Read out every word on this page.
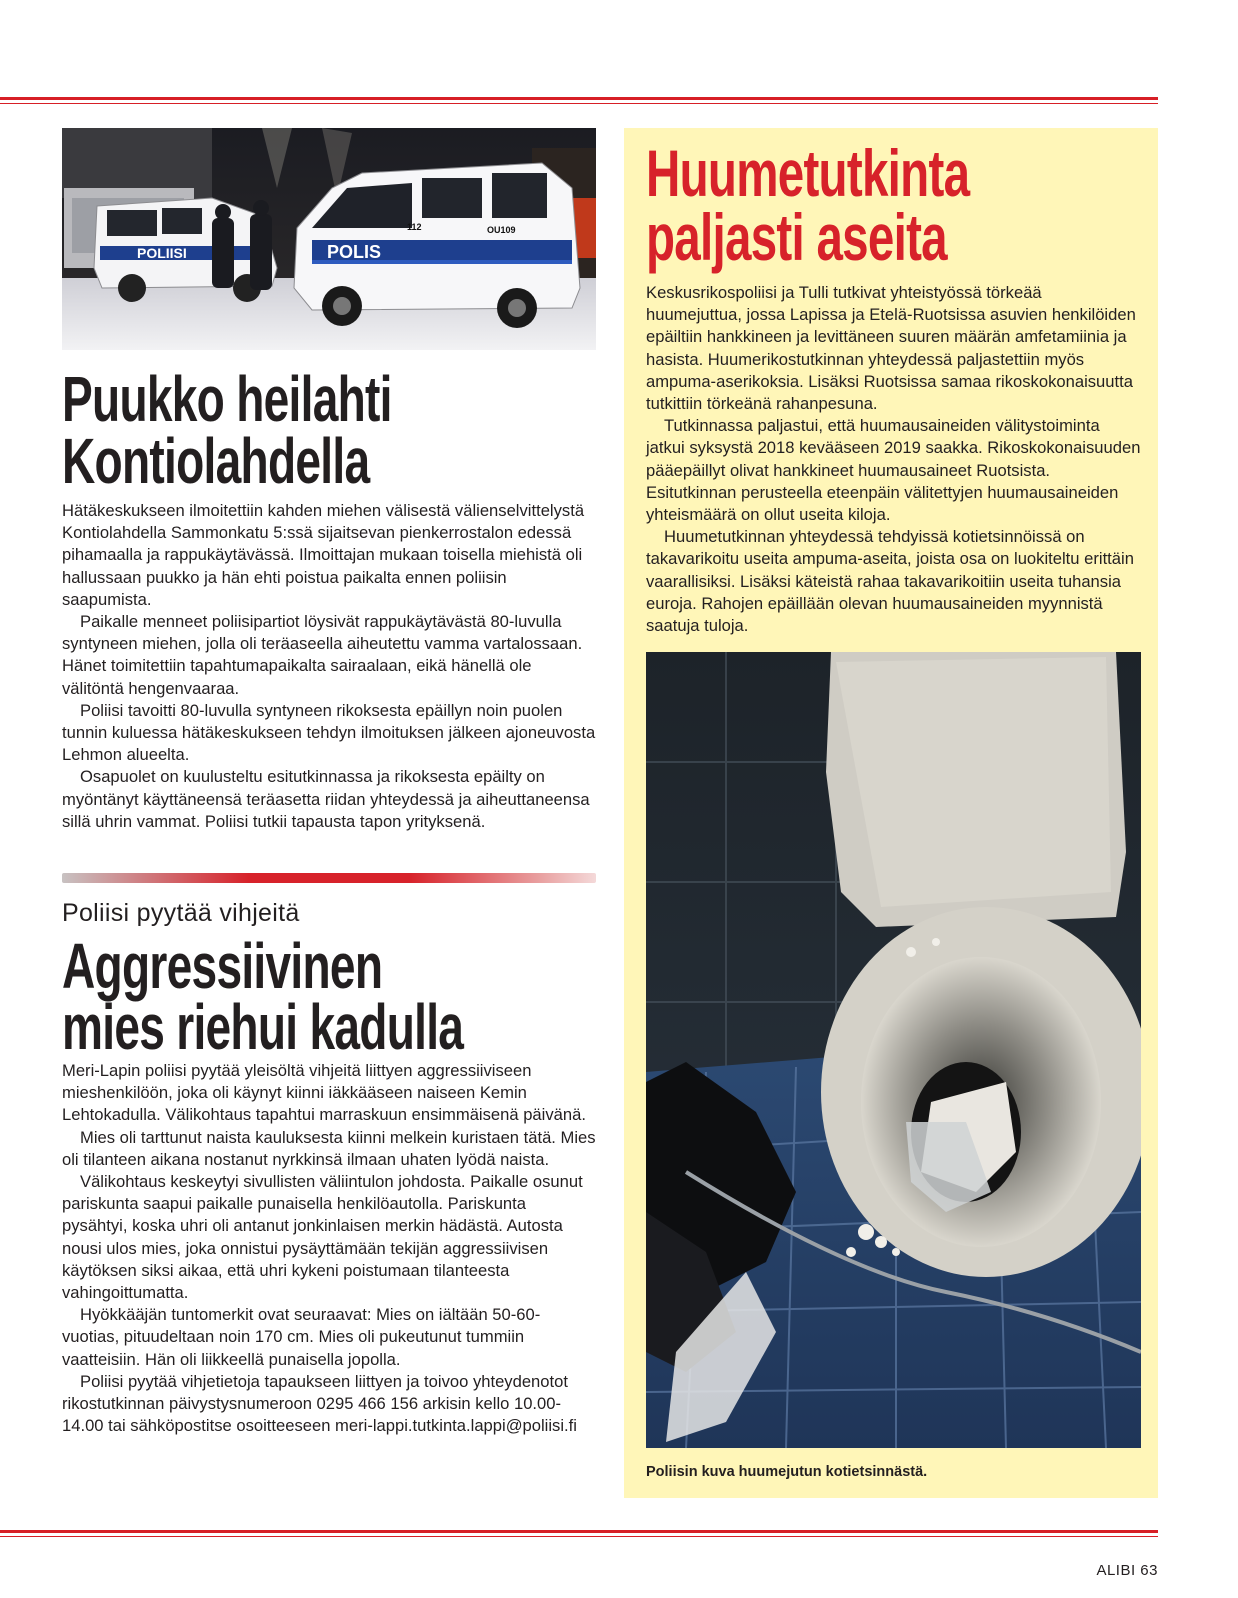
POLIISI	POLIS
OU109
112
Puukko heilahti
Kontiolahdella

Hätäkeskukseen ilmoitettiin kahden miehen välisestä välienselvittelystä Kontiolahdella Sammonkatu 5:ssä sijaitsevan pienkerrostalon edessä pihamaalla ja rappukäytävässä. Ilmoittajan mukaan toisella miehistä oli hallussaan puukko ja hän ehti poistua paikalta ennen poliisin saapumista.

Paikalle menneet poliisipartiot löysivät rappukäytävästä 80-luvulla syntyneen miehen, jolla oli teräaseella aiheutettu vamma vartalossaan. Hänet toimitettiin tapahtumapaikalta sairaalaan, eikä hänellä ole välitöntä hengenvaaraa.

Poliisi tavoitti 80-luvulla syntyneen rikoksesta epäillyn noin puolen tunnin kuluessa hätäkeskukseen tehdyn ilmoituksen jälkeen ajoneuvosta Lehmon alueelta.

Osapuolet on kuulusteltu esitutkinnassa ja rikoksesta epäilty on myöntänyt käyttäneensä teräasetta riidan yhteydessä ja aiheuttaneensa sillä uhrin vammat. Poliisi tutkii tapausta tapon yrityksenä.

Poliisi pyytää vihjeitä
Aggressiivinen
mies riehui kadulla

Meri-Lapin poliisi pyytää yleisöltä vihjeitä liittyen aggressiiviseen mieshenkilöön, joka oli käynyt kiinni iäkkääseen naiseen Kemin Lehtokadulla. Välikohtaus tapahtui marraskuun ensimmäisenä päivänä.

Mies oli tarttunut naista kauluksesta kiinni melkein kuristaen tätä. Mies oli tilanteen aikana nostanut nyrkkinsä ilmaan uhaten lyödä naista.

Välikohtaus keskeytyi sivullisten väliintulon johdosta. Paikalle osunut pariskunta saapui paikalle punaisella henkilöautolla. Pariskunta pysähtyi, koska uhri oli antanut jonkinlaisen merkin hädästä. Autosta nousi ulos mies, joka onnistui pysäyttämään tekijän aggressiivisen käytöksen siksi aikaa, että uhri kykeni poistumaan tilanteesta vahingoittumatta.

Hyökkääjän tuntomerkit ovat seuraavat: Mies on iältään 50-60-vuotias, pituudeltaan noin 170 cm. Mies oli pukeutunut tummiin vaatteisiin. Hän oli liikkeellä punaisella jopolla.

Poliisi pyytää vihjetietoja tapaukseen liittyen ja toivoo yhteydenotot rikostutkinnan päivystysnumeroon 0295 466 156 arkisin kello 10.00-14.00 tai sähköpostitse osoitteeseen meri-lappi.tutkinta.lappi@poliisi.fi

Huumetutkinta
paljasti aseita

Keskusrikospoliisi ja Tulli tutkivat yhteistyössä törkeää huumejuttua, jossa Lapissa ja Etelä-Ruotsissa asuvien henkilöiden epäiltiin hankkineen ja levittäneen suuren määrän amfetamiinia ja hasista. Huumerikostutkinnan yhteydessä paljastettiin myös ampuma-aserikoksia. Lisäksi Ruotsissa samaa rikoskokonaisuutta tutkittiin törkeänä rahanpesuna.

Tutkinnassa paljastui, että huumausaineiden välitystoiminta jatkui syksystä 2018 kevääseen 2019 saakka. Rikoskokonaisuuden pääepäillyt olivat hankkineet huumausaineet Ruotsista. Esitutkinnan perusteella eteenpäin välitettyjen huumausaineiden yhteismäärä on ollut useita kiloja.

Huumetutkinnan yhteydessä tehdyissä kotietsinnöissä on takavarikoitu useita ampuma-aseita, joista osa on luokiteltu erittäin vaarallisiksi. Lisäksi käteistä rahaa takavarikoitiin useita tuhansia euroja. Rahojen epäillään olevan huumausaineiden myynnistä saatuja tuloja.

Poliisin kuva huumejutun kotietsinnästä.
ALIBI 63
